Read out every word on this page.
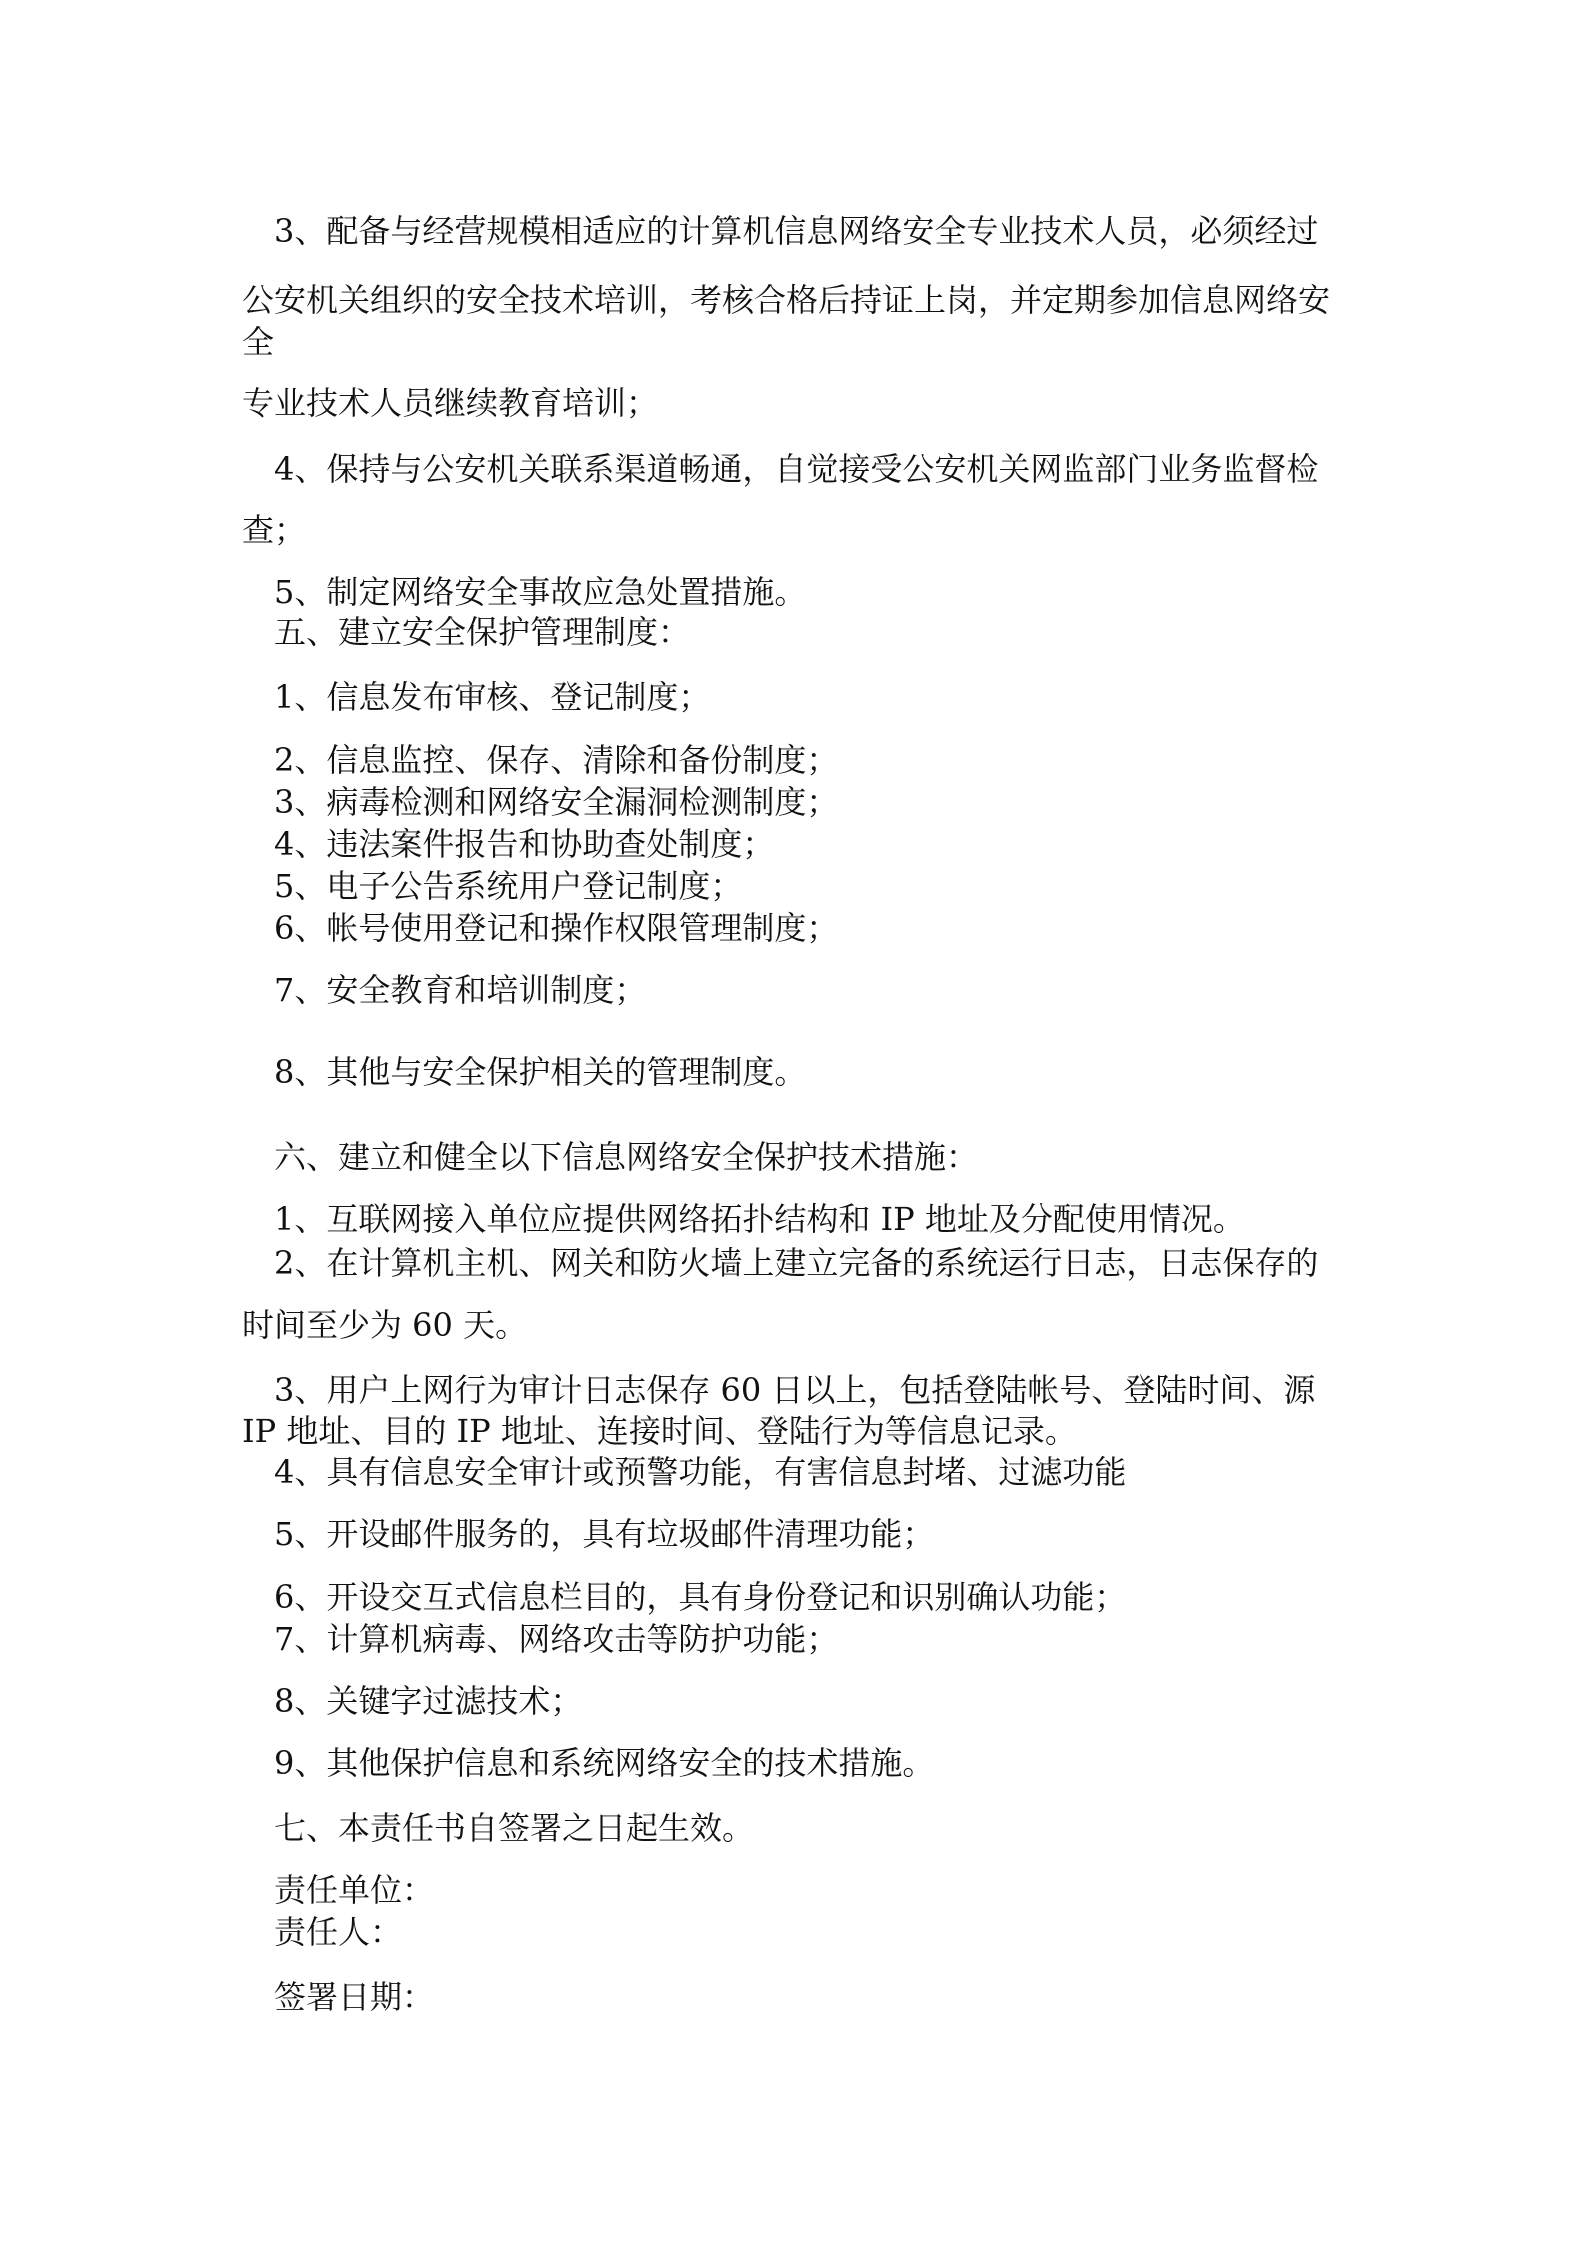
3、配备与经营规模相适应的计算机信息网络安全专业技术人员，必须经过
公安机关组织的安全技术培训，考核合格后持证上岗，并定期参加信息网络安
全
专业技术人员继续教育培训；
4、保持与公安机关联系渠道畅通，自觉接受公安机关网监部门业务监督检
查；
5、制定网络安全事故应急处置措施。
五、建立安全保护管理制度：
1、信息发布审核、登记制度；
2、信息监控、保存、清除和备份制度；
3、病毒检测和网络安全漏洞检测制度；
4、违法案件报告和协助查处制度；
5、电子公告系统用户登记制度；
6、帐号使用登记和操作权限管理制度；
7、安全教育和培训制度；
8、其他与安全保护相关的管理制度。
六、建立和健全以下信息网络安全保护技术措施：
1、互联网接入单位应提供网络拓扑结构和 IP 地址及分配使用情况。
2、在计算机主机、网关和防火墙上建立完备的系统运行日志，日志保存的
时间至少为 60 天。
3、用户上网行为审计日志保存 60 日以上，包括登陆帐号、登陆时间、源
IP 地址、目的 IP 地址、连接时间、登陆行为等信息记录。
4、具有信息安全审计或预警功能，有害信息封堵、过滤功能
5、开设邮件服务的，具有垃圾邮件清理功能；
6、开设交互式信息栏目的，具有身份登记和识别确认功能；
7、计算机病毒、网络攻击等防护功能；
8、关键字过滤技术；
9、其他保护信息和系统网络安全的技术措施。
七、本责任书自签署之日起生效。
责任单位：
责任人：
签署日期：
